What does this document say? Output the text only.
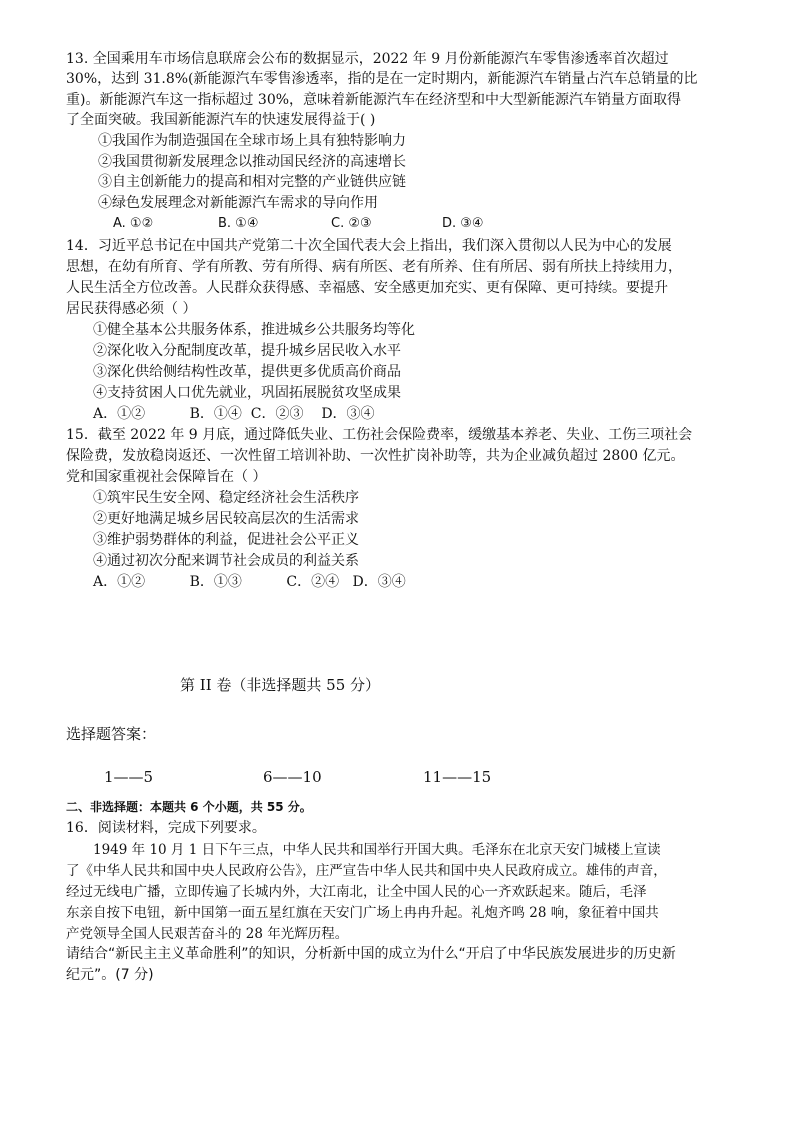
13. 全国乘用车市场信息联席会公布的数据显示，2022 年 9 月份新能源汽车零售渗透率首次超过
30%，达到 31.8%(新能源汽车零售渗透率，指的是在一定时期内，新能源汽车销量占汽车总销量的比
重)。新能源汽车这一指标超过 30%，意味着新能源汽车在经济型和中大型新能源汽车销量方面取得
了全面突破。我国新能源汽车的快速发展得益于( )
①我国作为制造强国在全球市场上具有独特影响力
②我国贯彻新发展理念以推动国民经济的高速增长
③自主创新能力的提高和相对完整的产业链供应链
④绿色发展理念对新能源汽车需求的导向作用
A. ①②	B. ①④	C. ②③	D. ③④
14．习近平总书记在中国共产党第二十次全国代表大会上指出，我们深入贯彻以人民为中心的发展
思想，在幼有所育、学有所教、劳有所得、病有所医、老有所养、住有所居、弱有所扶上持续用力，
人民生活全方位改善。人民群众获得感、幸福感、安全感更加充实、更有保障、更可持续。要提升
居民获得感必须（ ）
①健全基本公共服务体系，推进城乡公共服务均等化
②深化收入分配制度改革，提升城乡居民收入水平
③深化供给侧结构性改革，提供更多优质高价商品
④支持贫困人口优先就业，巩固拓展脱贫攻坚成果
A．①②          B．①④  C．②③    D．③④
15．截至 2022 年 9 月底，通过降低失业、工伤社会保险费率，缓缴基本养老、失业、工伤三项社会
保险费，发放稳岗返还、一次性留工培训补助、一次性扩岗补助等，共为企业减负超过 2800 亿元。
党和国家重视社会保障旨在（ ）
①筑牢民生安全网、稳定经济社会生活秩序
②更好地满足城乡居民较高层次的生活需求
③维护弱势群体的利益，促进社会公平正义
④通过初次分配来调节社会成员的利益关系
A．①②          B．①③          C．②④   D．③④
第 II 卷（非选择题共 55 分）
选择题答案：
1——5	6——10	11——15
二、非选择题：本题共 6 个小题，共 55 分。
16．阅读材料，完成下列要求。
1949 年 10 月 1 日下午三点，中华人民共和国举行开国大典。毛泽东在北京天安门城楼上宣读
了《中华人民共和国中央人民政府公告》，庄严宣告中华人民共和国中央人民政府成立。雄伟的声音，
经过无线电广播，立即传遍了长城内外，大江南北，让全中国人民的心一齐欢跃起来。随后，毛泽
东亲自按下电钮，新中国第一面五星红旗在天安门广场上冉冉升起。礼炮齐鸣 28 响，象征着中国共
产党领导全国人民艰苦奋斗的 28 年光辉历程。
请结合“新民主主义革命胜利”的知识，分析新中国的成立为什么“开启了中华民族发展进步的历史新
纪元”。(7 分)
